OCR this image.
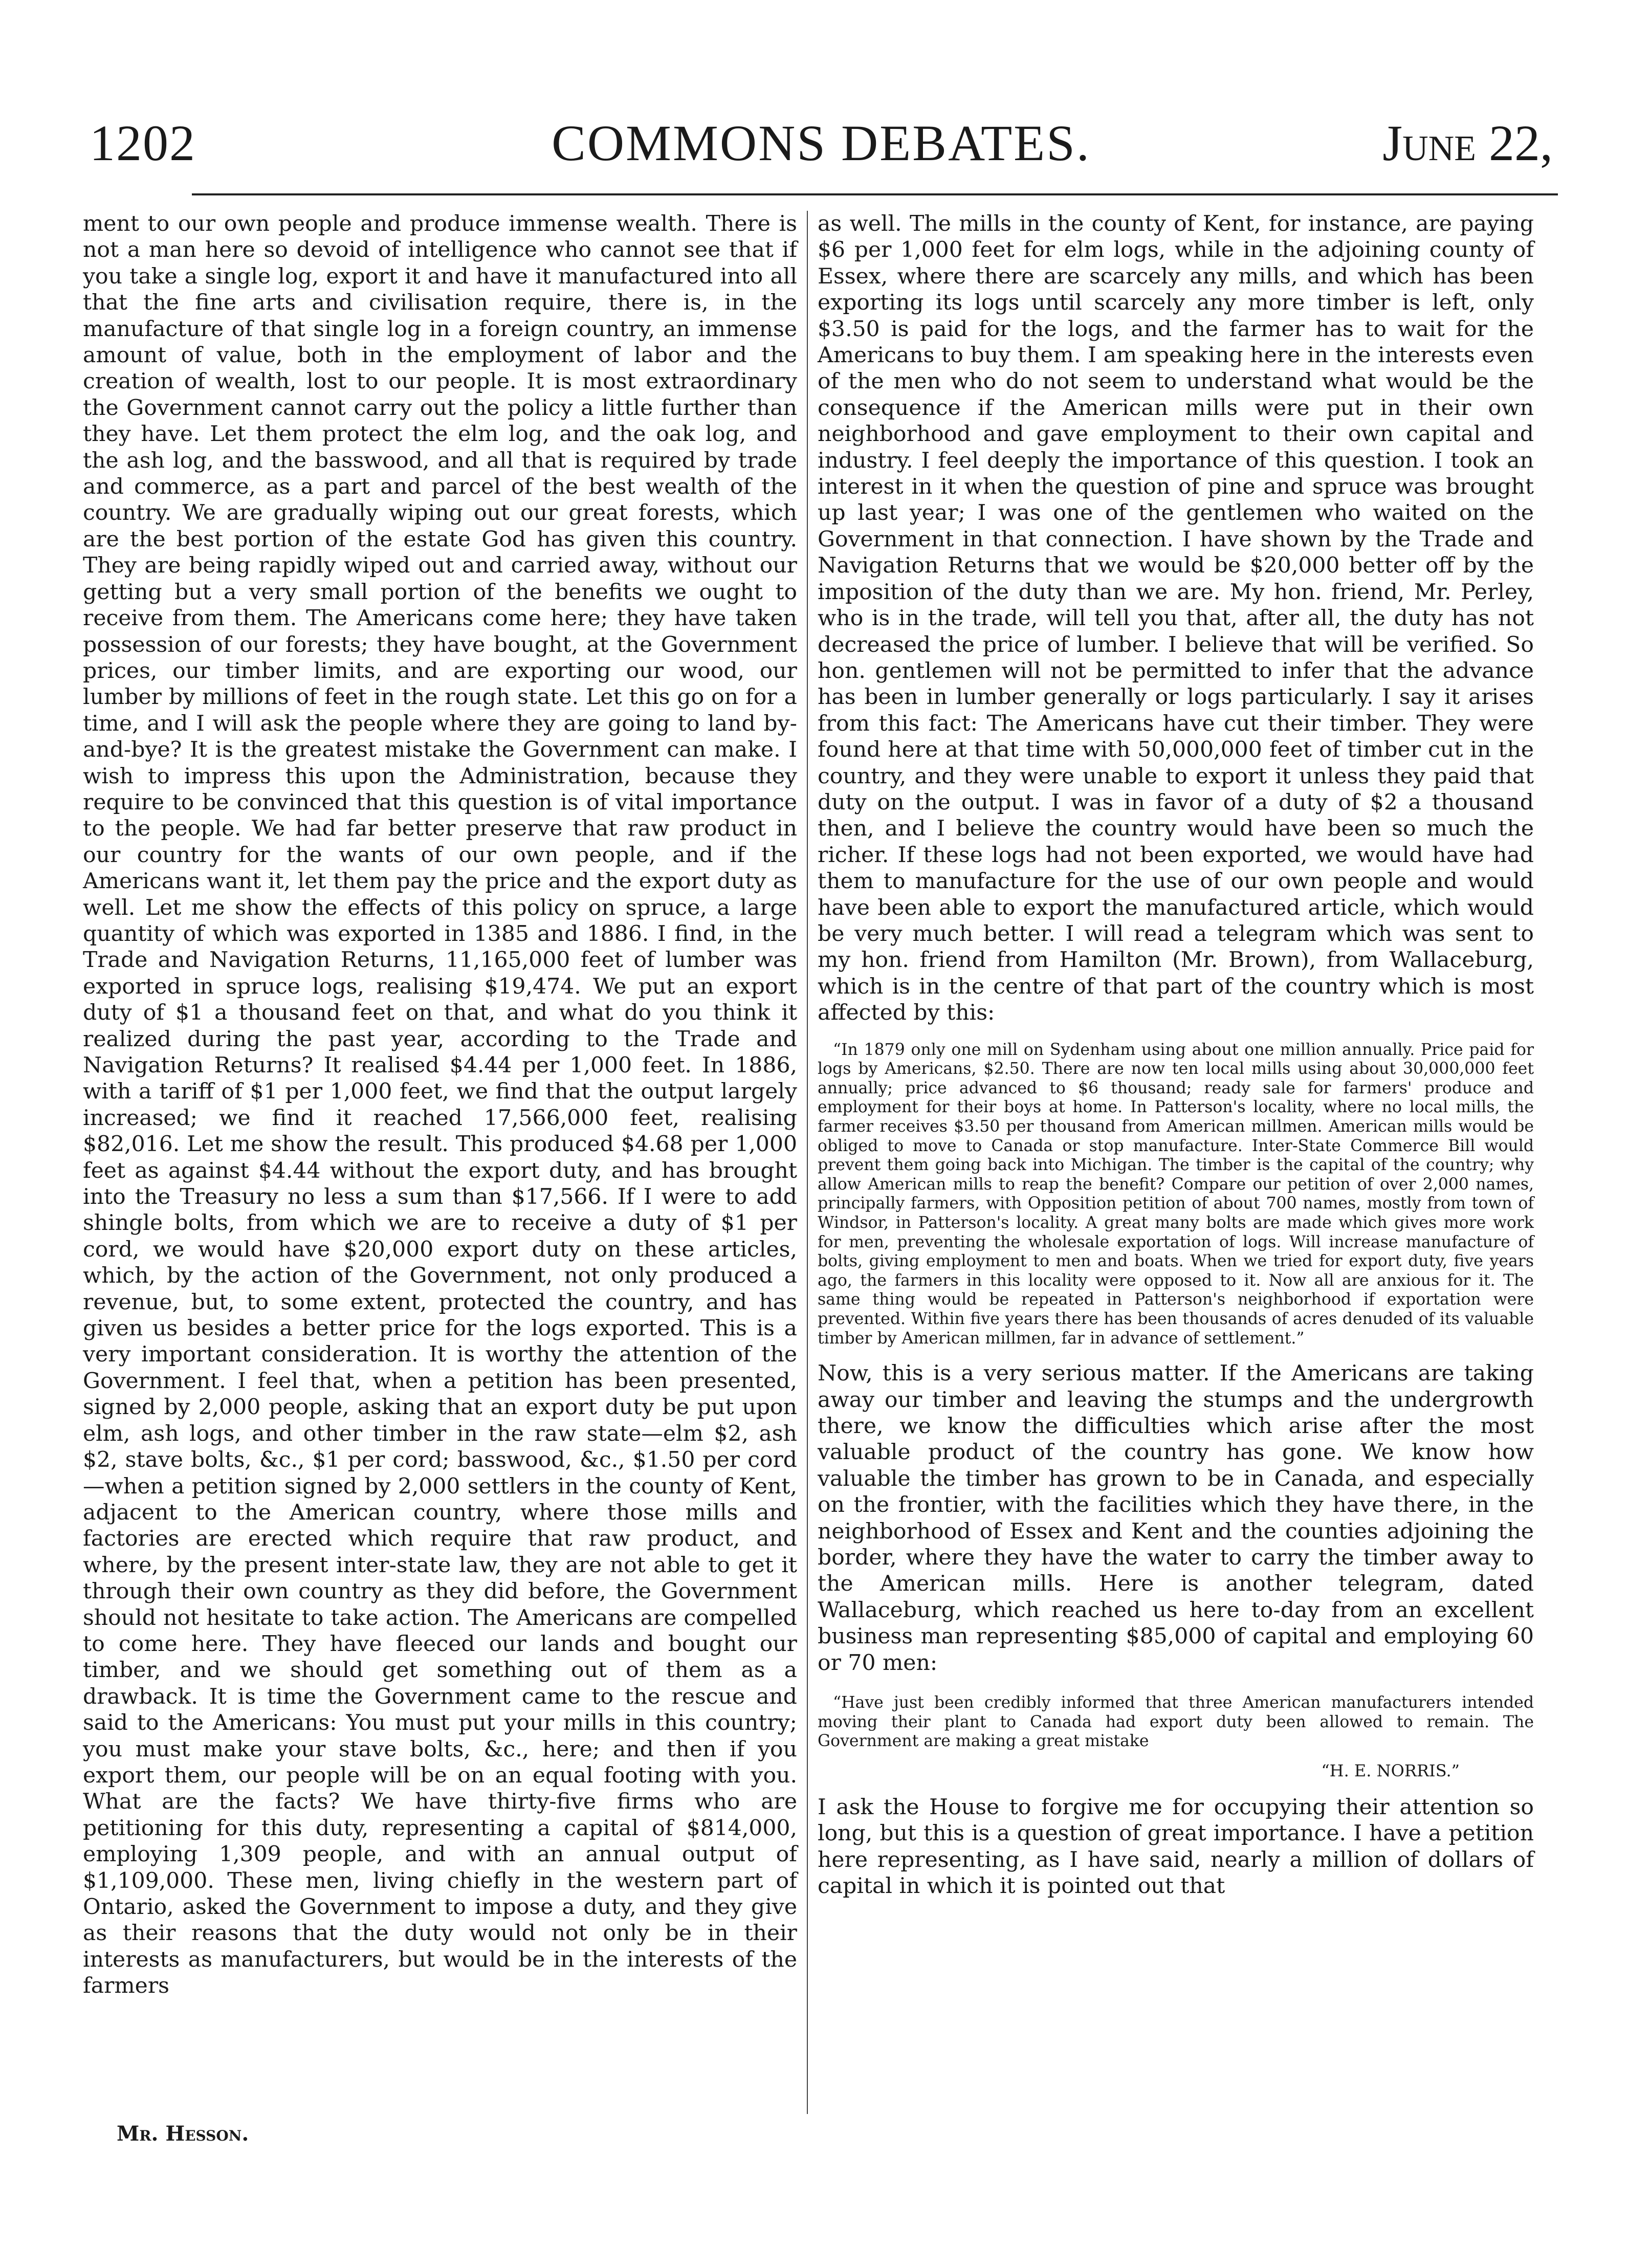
1202	COMMONS DEBATES.	June 22,

ment to our own people and produce immense wealth. There is not a man here so devoid of intelligence who cannot see that if you take a single log, export it and have it manufactured into all that the fine arts and civilisation require, there is, in the manufacture of that single log in a foreign country, an immense amount of value, both in the employment of labor and the creation of wealth, lost to our people. It is most extraordinary the Government cannot carry out the policy a little further than they have. Let them protect the elm log, and the oak log, and the ash log, and the basswood, and all that is required by trade and commerce, as a part and parcel of the best wealth of the country. We are gradually wiping out our great forests, which are the best portion of the estate God has given this country. They are being rapidly wiped out and carried away, without our getting but a very small portion of the benefits we ought to receive from them. The Americans come here; they have taken possession of our forests; they have bought, at the Government prices, our timber limits, and are exporting our wood, our lumber by millions of feet in the rough state. Let this go on for a time, and I will ask the people where they are going to land by-and-bye? It is the greatest mistake the Government can make. I wish to impress this upon the Administration, because they require to be convinced that this question is of vital importance to the people. We had far better preserve that raw product in our country for the wants of our own people, and if the Americans want it, let them pay the price and the export duty as well. Let me show the effects of this policy on spruce, a large quantity of which was exported in 1385 and 1886. I find, in the Trade and Navigation Returns, 11,165,000 feet of lumber was exported in spruce logs, realising $19,474. We put an export duty of $1 a thousand feet on that, and what do you think it realized during the past year, according to the Trade and Navigation Returns? It realised $4.44 per 1,000 feet. In 1886, with a tariff of $1 per 1,000 feet, we find that the output largely increased; we find it reached 17,566,000 feet, realising $82,016. Let me show the result. This produced $4.68 per 1,000 feet as against $4.44 without the export duty, and has brought into the Treasury no less a sum than $17,566. If I were to add shingle bolts, from which we are to receive a duty of $1 per cord, we would have $20,000 export duty on these articles, which, by the action of the Government, not only produced a revenue, but, to some extent, protected the country, and has given us besides a better price for the logs exported. This is a very important consideration. It is worthy the attention of the Government. I feel that, when a petition has been presented, signed by 2,000 people, asking that an export duty be put upon elm, ash logs, and other timber in the raw state—elm $2, ash $2, stave bolts, &c., $1 per cord; basswood, &c., $1.50 per cord—when a petition signed by 2,000 settlers in the county of Kent, adjacent to the American country, where those mills and factories are erected which require that raw product, and where, by the present inter-state law, they are not able to get it through their own country as they did before, the Government should not hesitate to take action. The Americans are compelled to come here. They have fleeced our lands and bought our timber, and we should get something out of them as a drawback. It is time the Government came to the rescue and said to the Americans: You must put your mills in this country; you must make your stave bolts, &c., here; and then if you export them, our people will be on an equal footing with you. What are the facts? We have thirty-five firms who are petitioning for this duty, representing a capital of $814,000, employing 1,309 people, and with an annual output of $1,109,000. These men, living chiefly in the western part of Ontario, asked the Government to impose a duty, and they give as their reasons that the duty would not only be in their interests as manufacturers, but would be in the interests of the farmers

as well. The mills in the county of Kent, for instance, are paying $6 per 1,000 feet for elm logs, while in the adjoining county of Essex, where there are scarcely any mills, and which has been exporting its logs until scarcely any more timber is left, only $3.50 is paid for the logs, and the farmer has to wait for the Americans to buy them. I am speaking here in the interests even of the men who do not seem to understand what would be the consequence if the American mills were put in their own neighborhood and gave employment to their own capital and industry. I feel deeply the importance of this question. I took an interest in it when the question of pine and spruce was brought up last year; I was one of the gentlemen who waited on the Government in that connection. I have shown by the Trade and Navigation Returns that we would be $20,000 better off by the imposition of the duty than we are. My hon. friend, Mr. Perley, who is in the trade, will tell you that, after all, the duty has not decreased the price of lumber. I believe that will be verified. So hon. gentlemen will not be permitted to infer that the advance has been in lumber generally or logs particularly. I say it arises from this fact: The Americans have cut their timber. They were found here at that time with 50,000,000 feet of timber cut in the country, and they were unable to export it unless they paid that duty on the output. I was in favor of a duty of $2 a thousand then, and I believe the country would have been so much the richer. If these logs had not been exported, we would have had them to manufacture for the use of our own people and would have been able to export the manufactured article, which would be very much better. I will read a telegram which was sent to my hon. friend from Hamilton (Mr. Brown), from Wallaceburg, which is in the centre of that part of the country which is most affected by this:

“In 1879 only one mill on Sydenham using about one million annually. Price paid for logs by Americans, $2.50. There are now ten local mills using about 30,000,000 feet annually; price advanced to $6 thousand; ready sale for farmers' produce and employment for their boys at home. In Patterson's locality, where no local mills, the farmer receives $3.50 per thousand from American millmen. American mills would be obliged to move to Canada or stop manufacture. Inter-State Commerce Bill would prevent them going back into Michigan. The timber is the capital of the country; why allow American mills to reap the benefit? Compare our petition of over 2,000 names, principally farmers, with Opposition petition of about 700 names, mostly from town of Windsor, in Patterson's locality. A great many bolts are made which gives more work for men, preventing the wholesale exportation of logs. Will increase manufacture of bolts, giving employment to men and boats. When we tried for export duty, five years ago, the farmers in this locality were opposed to it. Now all are anxious for it. The same thing would be repeated in Patterson's neighborhood if exportation were prevented. Within five years there has been thousands of acres denuded of its valuable timber by American millmen, far in advance of settlement.”

Now, this is a very serious matter. If the Americans are taking away our timber and leaving the stumps and the undergrowth there, we know the difficulties which arise after the most valuable product of the country has gone. We know how valuable the timber has grown to be in Canada, and especially on the frontier, with the facilities which they have there, in the neighborhood of Essex and Kent and the counties adjoining the border, where they have the water to carry the timber away to the American mills. Here is another telegram, dated Wallaceburg, which reached us here to-day from an excellent business man representing $85,000 of capital and employing 60 or 70 men:

“Have just been credibly informed that three American manufacturers intended moving their plant to Canada had export duty been allowed to remain. The Government are making a great mistake

“H. E. NORRIS.”

I ask the House to forgive me for occupying their attention so long, but this is a question of great importance. I have a petition here representing, as I have said, nearly a million of dollars of capital in which it is pointed out that

Mr. Hesson.
